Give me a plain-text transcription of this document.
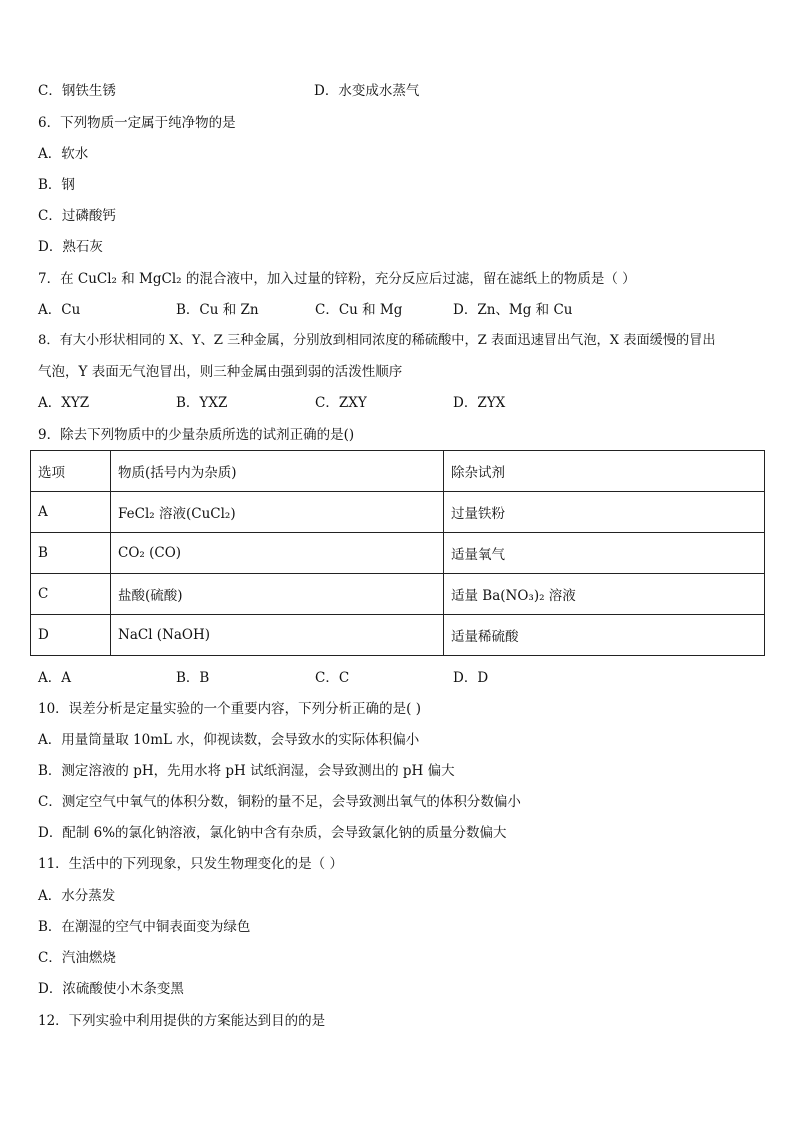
C．钢铁生锈	D．水变成水蒸气
6．下列物质一定属于纯净物的是
A．软水
B．钢
C．过磷酸钙
D．熟石灰
7．在 CuCl₂ 和 MgCl₂ 的混合液中，加入过量的锌粉，充分反应后过滤，留在滤纸上的物质是（ ）
A．Cu	B．Cu 和 Zn	C．Cu 和 Mg	D．Zn、Mg 和 Cu
8．有大小形状相同的 X、Y、Z 三种金属，分别放到相同浓度的稀硫酸中，Z 表面迅速冒出气泡，X 表面缓慢的冒出
气泡，Y 表面无气泡冒出，则三种金属由强到弱的活泼性顺序
A．XYZ	B．YXZ	C．ZXY	D．ZYX
9．除去下列物质中的少量杂质所选的试剂正确的是()
选项	物质(括号内为杂质)	除杂试剂
A	FeCl₂ 溶液(CuCl₂)	过量铁粉
B	CO₂ (CO)	适量氧气
C	盐酸(硫酸)	适量 Ba(NO₃)₂ 溶液
D	NaCl (NaOH)	适量稀硫酸
A．A	B．B	C．C	D．D
10．误差分析是定量实验的一个重要内容，下列分析正确的是( )
A．用量筒量取 10mL 水，仰视读数，会导致水的实际体积偏小
B．测定溶液的 pH，先用水将 pH 试纸润湿，会导致测出的 pH 偏大
C．测定空气中氧气的体积分数，铜粉的量不足，会导致测出氧气的体积分数偏小
D．配制 6%的氯化钠溶液，氯化钠中含有杂质，会导致氯化钠的质量分数偏大
11．生活中的下列现象，只发生物理变化的是（ ）
A．水分蒸发
B．在潮湿的空气中铜表面变为绿色
C．汽油燃烧
D．浓硫酸使小木条变黑
12．下列实验中利用提供的方案能达到目的的是
